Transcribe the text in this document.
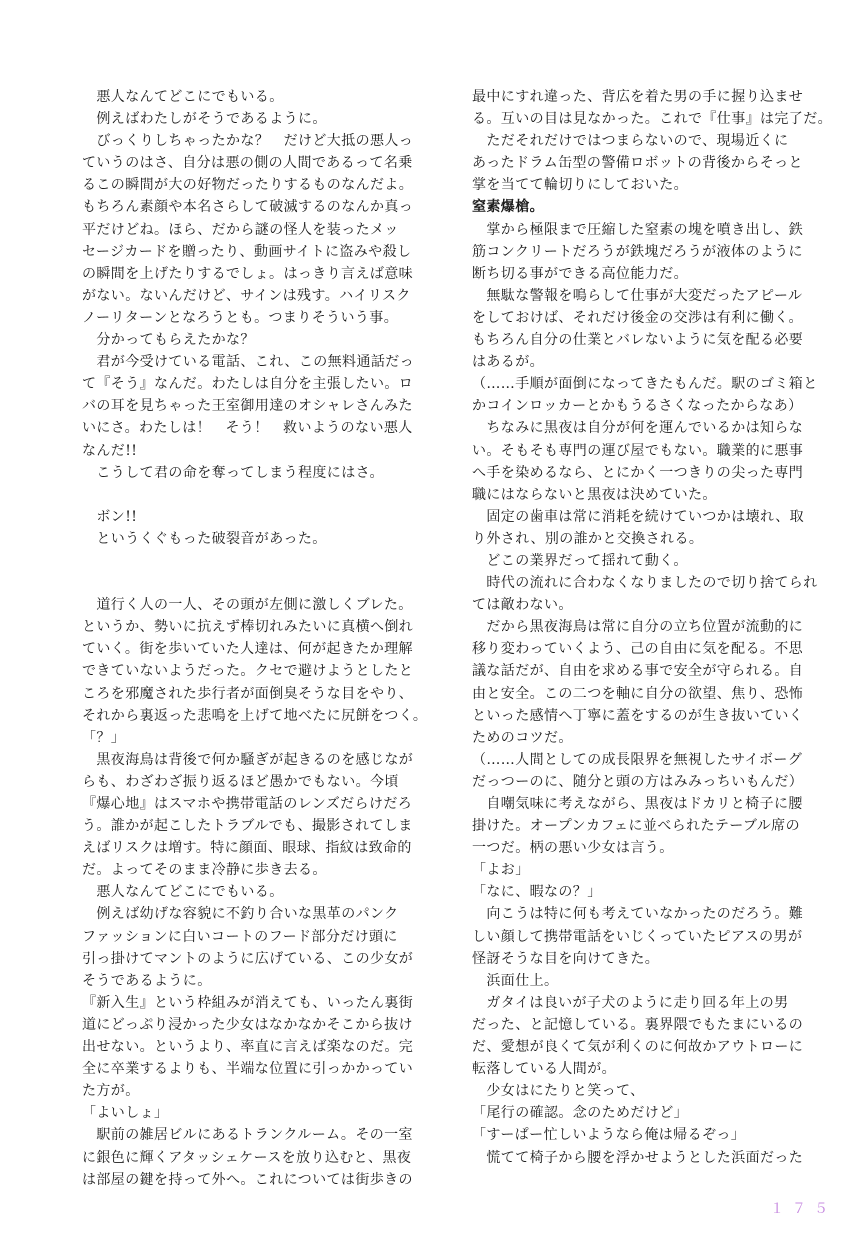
　悪人なんてどこにでもいる。
　例えばわたしがそうであるように。
　びっくりしちゃったかな？　だけど大抵の悪人っ
ていうのはさ、自分は悪の側の人間であるって名乗
るこの瞬間が大の好物だったりするものなんだよ。
もちろん素顔や本名さらして破滅するのなんか真っ
平だけどね。ほら、だから謎の怪人を装ったメッ
セージカードを贈ったり、動画サイトに盗みや殺し
の瞬間を上げたりするでしょ。はっきり言えば意味
がない。ないんだけど、サインは残す。ハイリスク
ノーリターンとなろうとも。つまりそういう事。
　分かってもらえたかな？
　君が今受けている電話、これ、この無料通話だっ
て『そう』なんだ。わたしは自分を主張したい。ロ
バの耳を見ちゃった王室御用達のオシャレさんみた
いにさ。わたしは！　そう！　救いようのない悪人
なんだ!!
　こうして君の命を奪ってしまう程度にはさ。
　ボン!!
　というくぐもった破裂音があった。
　道行く人の一人、その頭が左側に激しくブレた。
というか、勢いに抗えず棒切れみたいに真横へ倒れ
ていく。街を歩いていた人達は、何が起きたか理解
できていないようだった。クセで避けようとしたと
ころを邪魔された歩行者が面倒臭そうな目をやり、
それから裏返った悲鳴を上げて地べたに尻餅をつく。
「？」
　黒夜海鳥は背後で何か騒ぎが起きるのを感じなが
らも、わざわざ振り返るほど愚かでもない。今頃
『爆心地』はスマホや携帯電話のレンズだらけだろ
う。誰かが起こしたトラブルでも、撮影されてしま
えばリスクは増す。特に顔面、眼球、指紋は致命的
だ。よってそのまま冷静に歩き去る。
　悪人なんてどこにでもいる。
　例えば幼げな容貌に不釣り合いな黒革のパンク
ファッションに白いコートのフード部分だけ頭に
引っ掛けてマントのように広げている、この少女が
そうであるように。
『新入生』という枠組みが消えても、いったん裏街
道にどっぷり浸かった少女はなかなかそこから抜け
出せない。というより、率直に言えば楽なのだ。完
全に卒業するよりも、半端な位置に引っかかってい
た方が。
「よいしょ」
　駅前の雑居ビルにあるトランクルーム。その一室
に銀色に輝くアタッシェケースを放り込むと、黒夜
は部屋の鍵を持って外へ。これについては街歩きの
最中にすれ違った、背広を着た男の手に握り込ませ
る。互いの目は見なかった。これで『仕事』は完了だ。
　ただそれだけではつまらないので、現場近くに
あったドラム缶型の警備ロボットの背後からそっと
掌を当てて輪切りにしておいた。
窒素爆槍。
　掌から極限まで圧縮した窒素の塊を噴き出し、鉄
筋コンクリートだろうが鉄塊だろうが液体のように
断ち切る事ができる高位能力だ。
　無駄な警報を鳴らして仕事が大変だったアピール
をしておけば、それだけ後金の交渉は有利に働く。
もちろん自分の仕業とバレないように気を配る必要
はあるが。
（……手順が面倒になってきたもんだ。駅のゴミ箱と
かコインロッカーとかもうるさくなったからなあ）
　ちなみに黒夜は自分が何を運んでいるかは知らな
い。そもそも専門の運び屋でもない。職業的に悪事
へ手を染めるなら、とにかく一つきりの尖った専門
職にはならないと黒夜は決めていた。
　固定の歯車は常に消耗を続けていつかは壊れ、取
り外され、別の誰かと交換される。
　どこの業界だって揺れて動く。
　時代の流れに合わなくなりましたので切り捨てられ
ては敵わない。
　だから黒夜海鳥は常に自分の立ち位置が流動的に
移り変わっていくよう、己の自由に気を配る。不思
議な話だが、自由を求める事で安全が守られる。自
由と安全。この二つを軸に自分の欲望、焦り、恐怖
といった感情へ丁寧に蓋をするのが生き抜いていく
ためのコツだ。
（……人間としての成長限界を無視したサイボーグ
だっつーのに、随分と頭の方はみみっちいもんだ）
　自嘲気味に考えながら、黒夜はドカリと椅子に腰
掛けた。オープンカフェに並べられたテーブル席の
一つだ。柄の悪い少女は言う。
「よお」
「なに、暇なの？」
　向こうは特に何も考えていなかったのだろう。難
しい顔して携帯電話をいじくっていたピアスの男が
怪訝そうな目を向けてきた。
　浜面仕上。
　ガタイは良いが子犬のように走り回る年上の男
だった、と記憶している。裏界隈でもたまにいるの
だ、愛想が良くて気が利くのに何故かアウトローに
転落している人間が。
　少女はにたりと笑って、
「尾行の確認。念のためだけど」
「すーぱー忙しいようなら俺は帰るぞっ」
　慌てて椅子から腰を浮かせようとした浜面だった
１７５
